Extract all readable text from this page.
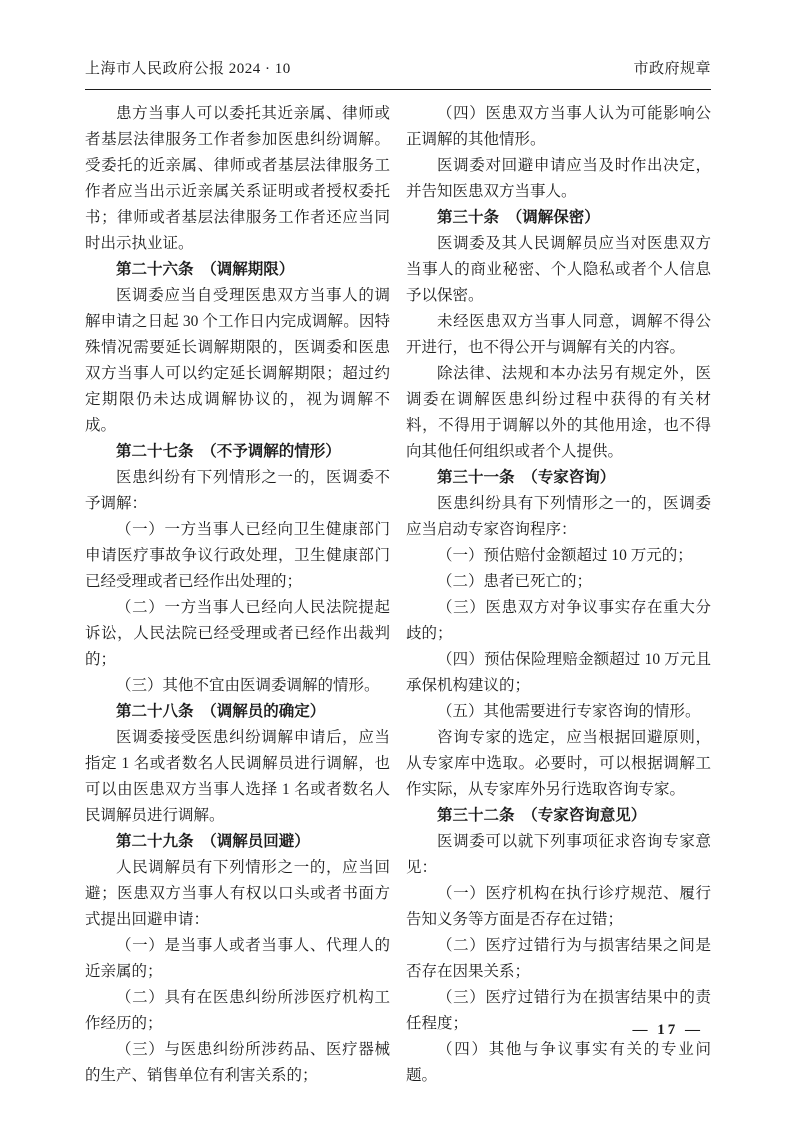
上海市人民政府公报 2024 · 10	市政府规章

患方当事人可以委托其近亲属、律师或者基层法律服务工作者参加医患纠纷调解。受委托的近亲属、律师或者基层法律服务工作者应当出示近亲属关系证明或者授权委托书；律师或者基层法律服务工作者还应当同时出示执业证。

第二十六条　（调解期限）

医调委应当自受理医患双方当事人的调解申请之日起 30 个工作日内完成调解。因特殊情况需要延长调解期限的，医调委和医患双方当事人可以约定延长调解期限；超过约定期限仍未达成调解协议的，视为调解不成。

第二十七条　（不予调解的情形）

医患纠纷有下列情形之一的，医调委不予调解：

（一）一方当事人已经向卫生健康部门申请医疗事故争议行政处理，卫生健康部门已经受理或者已经作出处理的；

（二）一方当事人已经向人民法院提起诉讼，人民法院已经受理或者已经作出裁判的；

（三）其他不宜由医调委调解的情形。

第二十八条　（调解员的确定）

医调委接受医患纠纷调解申请后，应当指定 1 名或者数名人民调解员进行调解，也可以由医患双方当事人选择 1 名或者数名人民调解员进行调解。

第二十九条　（调解员回避）

人民调解员有下列情形之一的，应当回避；医患双方当事人有权以口头或者书面方式提出回避申请：

（一）是当事人或者当事人、代理人的近亲属的；

（二）具有在医患纠纷所涉医疗机构工作经历的；

（三）与医患纠纷所涉药品、医疗器械的生产、销售单位有利害关系的；

（四）医患双方当事人认为可能影响公正调解的其他情形。

医调委对回避申请应当及时作出决定，并告知医患双方当事人。

第三十条　（调解保密）

医调委及其人民调解员应当对医患双方当事人的商业秘密、个人隐私或者个人信息予以保密。

未经医患双方当事人同意，调解不得公开进行，也不得公开与调解有关的内容。

除法律、法规和本办法另有规定外，医调委在调解医患纠纷过程中获得的有关材料，不得用于调解以外的其他用途，也不得向其他任何组织或者个人提供。

第三十一条　（专家咨询）

医患纠纷具有下列情形之一的，医调委应当启动专家咨询程序：

（一）预估赔付金额超过 10 万元的；

（二）患者已死亡的；

（三）医患双方对争议事实存在重大分歧的；

（四）预估保险理赔金额超过 10 万元且承保机构建议的；

（五）其他需要进行专家咨询的情形。

咨询专家的选定，应当根据回避原则，从专家库中选取。必要时，可以根据调解工作实际，从专家库外另行选取咨询专家。

第三十二条　（专家咨询意见）

医调委可以就下列事项征求咨询专家意见：

（一）医疗机构在执行诊疗规范、履行告知义务等方面是否存在过错；

（二）医疗过错行为与损害结果之间是否存在因果关系；

（三）医疗过错行为在损害结果中的责任程度；

（四）其他与争议事实有关的专业问题。

— 17 —
